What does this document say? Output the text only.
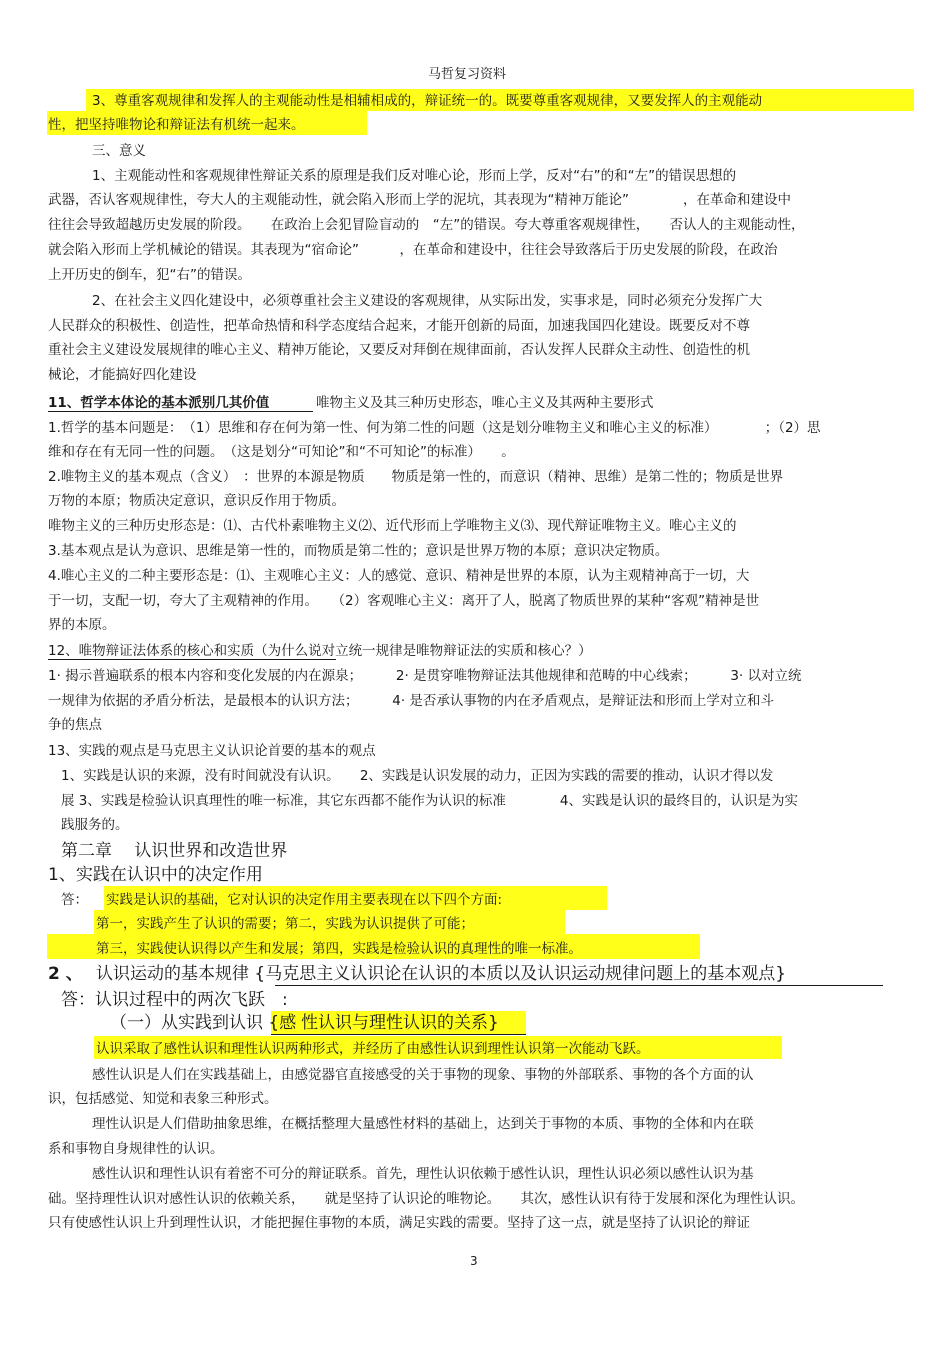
马哲复习资料
3、尊重客观规律和发挥人的主观能动性是相辅相成的，辩证统一的。既要尊重客观规律，又要发挥人的主观能动
性，把坚持唯物论和辩证法有机统一起来。
三、意义
1、主观能动性和客观规律性辩证关系的原理是我们反对唯心论，形而上学，反对“右”的和“左”的错误思想的
武器，否认客观规律性，夸大人的主观能动性，就会陷入形而上学的泥坑，其表现为“精神万能论”　　　　，在革命和建设中
往往会导致超越历史发展的阶段。　　在政治上会犯冒险盲动的　“左”的错误。夸大尊重客观规律性，　　否认人的主观能动性，
就会陷入形而上学机械论的错误。其表现为“宿命论”　　　，在革命和建设中，往往会导致落后于历史发展的阶段，在政治
上开历史的倒车，犯“右”的错误。
2、在社会主义四化建设中，必须尊重社会主义建设的客观规律，从实际出发，实事求是，同时必须充分发挥广大
人民群众的积极性、创造性，把革命热情和科学态度结合起来，才能开创新的局面，加速我国四化建设。既要反对不尊
重社会主义建设发展规律的唯心主义、精神万能论，又要反对拜倒在规律面前，否认发挥人民群众主动性、创造性的机
械论，才能搞好四化建设
11、哲学本体论的基本派别几其价值	唯物主义及其三种历史形态，唯心主义及其两种主要形式
1.哲学的基本问题是：　（1）思维和存在何为第一性、何为第二性的问题（这是划分唯物主义和唯心主义的标准）　　　　；（2）思
维和存在有无同一性的问题。　（这是划分“可知论”和“不可知论”的标准）　　。
2.唯物主义的基本观点（含义）　：世界的本源是物质　　物质是第一性的，而意识（精神、思维）是第二性的；物质是世界
万物的本原；物质决定意识，意识反作用于物质。
唯物主义的三种历史形态是：⑴、古代朴素唯物主义⑵、近代形而上学唯物主义⑶、现代辩证唯物主义。唯心主义的
3.基本观点是认为意识、思维是第一性的，而物质是第二性的；意识是世界万物的本原；意识决定物质。
4.唯心主义的二种主要形态是：⑴、主观唯心主义：人的感觉、意识、精神是世界的本原，认为主观精神高于一切，大
于一切，支配一切，夸大了主观精神的作用。　　（2）客观唯心主义：离开了人，脱离了物质世界的某种“客观”精神是世
界的本原。
12、唯物辩证法体系的核心和实质（为什么说对立统一规律是唯物辩证法的实质和核心？）
1· 揭示普遍联系的根本内容和变化发展的内在源泉；　　　2· 是贯穿唯物辩证法其他规律和范畴的中心线索；　　　3· 以对立统
一规律为依据的矛盾分析法，是最根本的认识方法；　　　4· 是否承认事物的内在矛盾观点，是辩证法和形而上学对立和斗
争的焦点
13、实践的观点是马克思主义认识论首要的基本的观点
1、实践是认识的来源，没有时间就没有认识。　　2、实践是认识发展的动力，正因为实践的需要的推动，认识才得以发
展 3、实践是检验认识真理性的唯一标准，其它东西都不能作为认识的标准　　　　4、实践是认识的最终目的，认识是为实
践服务的。
第二章　 认识世界和改造世界
1、实践在认识中的决定作用
答： 实践是认识的基础，它对认识的决定作用主要表现在以下四个方面:
第一，实践产生了认识的需要；第二，实践为认识提供了可能；
第三，实践使认识得以产生和发展；第四，实践是检验认识的真理性的唯一标准。
2 、 认识运动的基本规律 {马克思主义认识论在认识的本质以及认识运动规律问题上的基本观点}
答：认识过程中的两次飞跃　:
（一）从实践到认识 {感 性认识与理性认识的关系}
认识采取了感性认识和理性认识两种形式，并经历了由感性认识到理性认识第一次能动飞跃。
感性认识是人们在实践基础上，由感觉器官直接感受的关于事物的现象、事物的外部联系、事物的各个方面的认
识，包括感觉、知觉和表象三种形式。
理性认识是人们借助抽象思维，在概括整理大量感性材料的基础上，达到关于事物的本质、事物的全体和内在联
系和事物自身规律性的认识。
感性认识和理性认识有着密不可分的辩证联系。首先，理性认识依赖于感性认识，理性认识必须以感性认识为基
础。坚持理性认识对感性认识的依赖关系，　　就是坚持了认识论的唯物论。　　其次，感性认识有待于发展和深化为理性认识。
只有使感性认识上升到理性认识，才能把握住事物的本质，满足实践的需要。坚持了这一点，就是坚持了认识论的辩证
3
